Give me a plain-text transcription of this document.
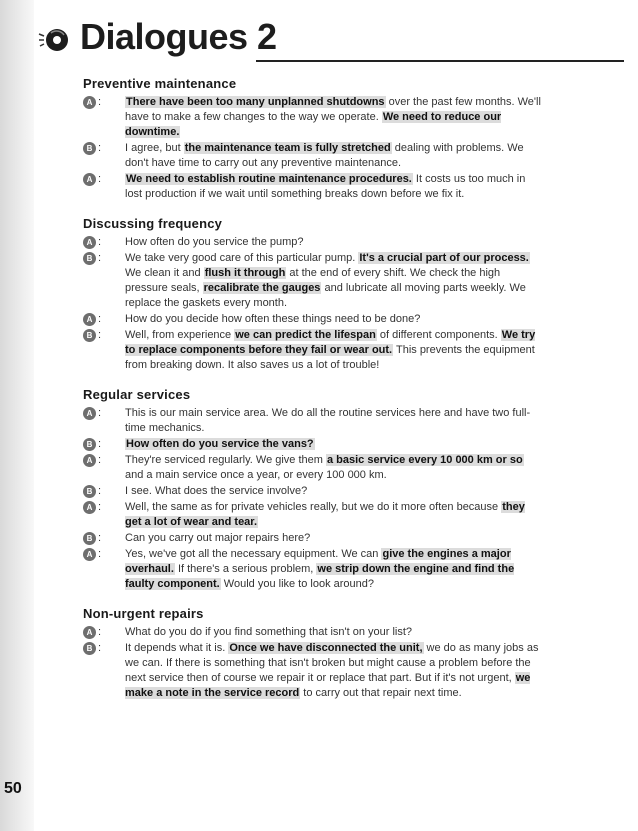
50
Dialogues 2
Preventive maintenance
A : There have been too many unplanned shutdowns over the past few months. We'll have to make a few changes to the way we operate. We need to reduce our downtime.
B : I agree, but the maintenance team is fully stretched dealing with problems. We don't have time to carry out any preventive maintenance.
A : We need to establish routine maintenance procedures. It costs us too much in lost production if we wait until something breaks down before we fix it.
Discussing frequency
A : How often do you service the pump?
B : We take very good care of this particular pump. It's a crucial part of our process. We clean it and flush it through at the end of every shift. We check the high pressure seals, recalibrate the gauges and lubricate all moving parts weekly. We replace the gaskets every month.
A : How do you decide how often these things need to be done?
B : Well, from experience we can predict the lifespan of different components. We try to replace components before they fail or wear out. This prevents the equipment from breaking down. It also saves us a lot of trouble!
Regular services
A : This is our main service area. We do all the routine services here and have two full-time mechanics.
B : How often do you service the vans?
A : They're serviced regularly. We give them a basic service every 10 000 km or so and a main service once a year, or every 100 000 km.
B : I see. What does the service involve?
A : Well, the same as for private vehicles really, but we do it more often because they get a lot of wear and tear.
B : Can you carry out major repairs here?
A : Yes, we've got all the necessary equipment. We can give the engines a major overhaul. If there's a serious problem, we strip down the engine and find the faulty component. Would you like to look around?
Non-urgent repairs
A : What do you do if you find something that isn't on your list?
B : It depends what it is. Once we have disconnected the unit, we do as many jobs as we can. If there is something that isn't broken but might cause a problem before the next service then of course we repair it or replace that part. But if it's not urgent, we make a note in the service record to carry out that repair next time.
